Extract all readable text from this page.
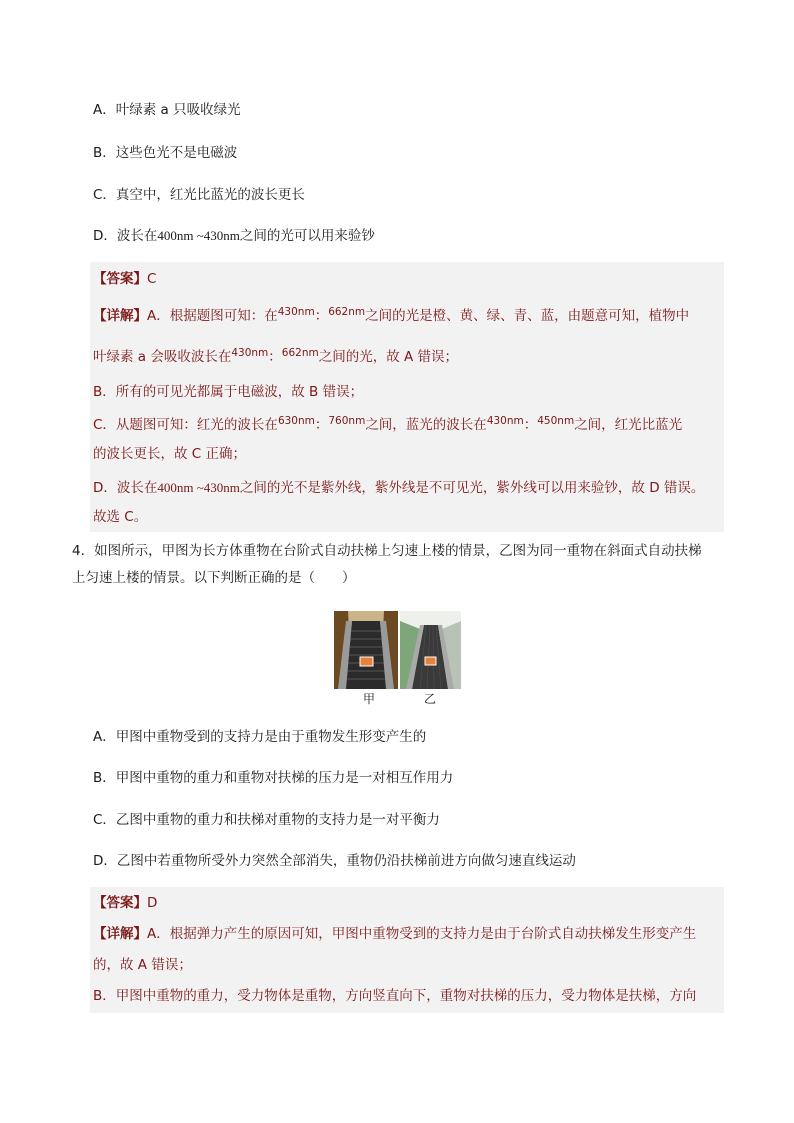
A．叶绿素 a 只吸收绿光
B．这些色光不是电磁波
C．真空中，红光比蓝光的波长更长
D．波长在400nm ~430nm之间的光可以用来验钞
【答案】C
【详解】A．根据题图可知：在$^{430nm}$：$^{662nm}$之间的光是橙、黄、绿、青、蓝，由题意可知，植物中
叶绿素 a 会吸收波长在$^{430nm}$：$^{662nm}$之间的光，故 A 错误；
B．所有的可见光都属于电磁波，故 B 错误；
C．从题图可知：红光的波长在$^{630nm}$：$^{760nm}$之间，蓝光的波长在$^{430nm}$：$^{450nm}$之间，红光比蓝光
的波长更长，故 C 正确；
D．波长在400nm ~430nm之间的光不是紫外线，紫外线是不可见光，紫外线可以用来验钞，故 D 错误。
故选 C。
4．如图所示，甲图为长方体重物在台阶式自动扶梯上匀速上楼的情景，乙图为同一重物在斜面式自动扶梯
上匀速上楼的情景。以下判断正确的是（　　）
甲	乙
A．甲图中重物受到的支持力是由于重物发生形变产生的
B．甲图中重物的重力和重物对扶梯的压力是一对相互作用力
C．乙图中重物的重力和扶梯对重物的支持力是一对平衡力
D．乙图中若重物所受外力突然全部消失，重物仍沿扶梯前进方向做匀速直线运动
【答案】D
【详解】A．根据弹力产生的原因可知，甲图中重物受到的支持力是由于台阶式自动扶梯发生形变产生
的，故 A 错误；
B．甲图中重物的重力，受力物体是重物，方向竖直向下，重物对扶梯的压力，受力物体是扶梯，方向
